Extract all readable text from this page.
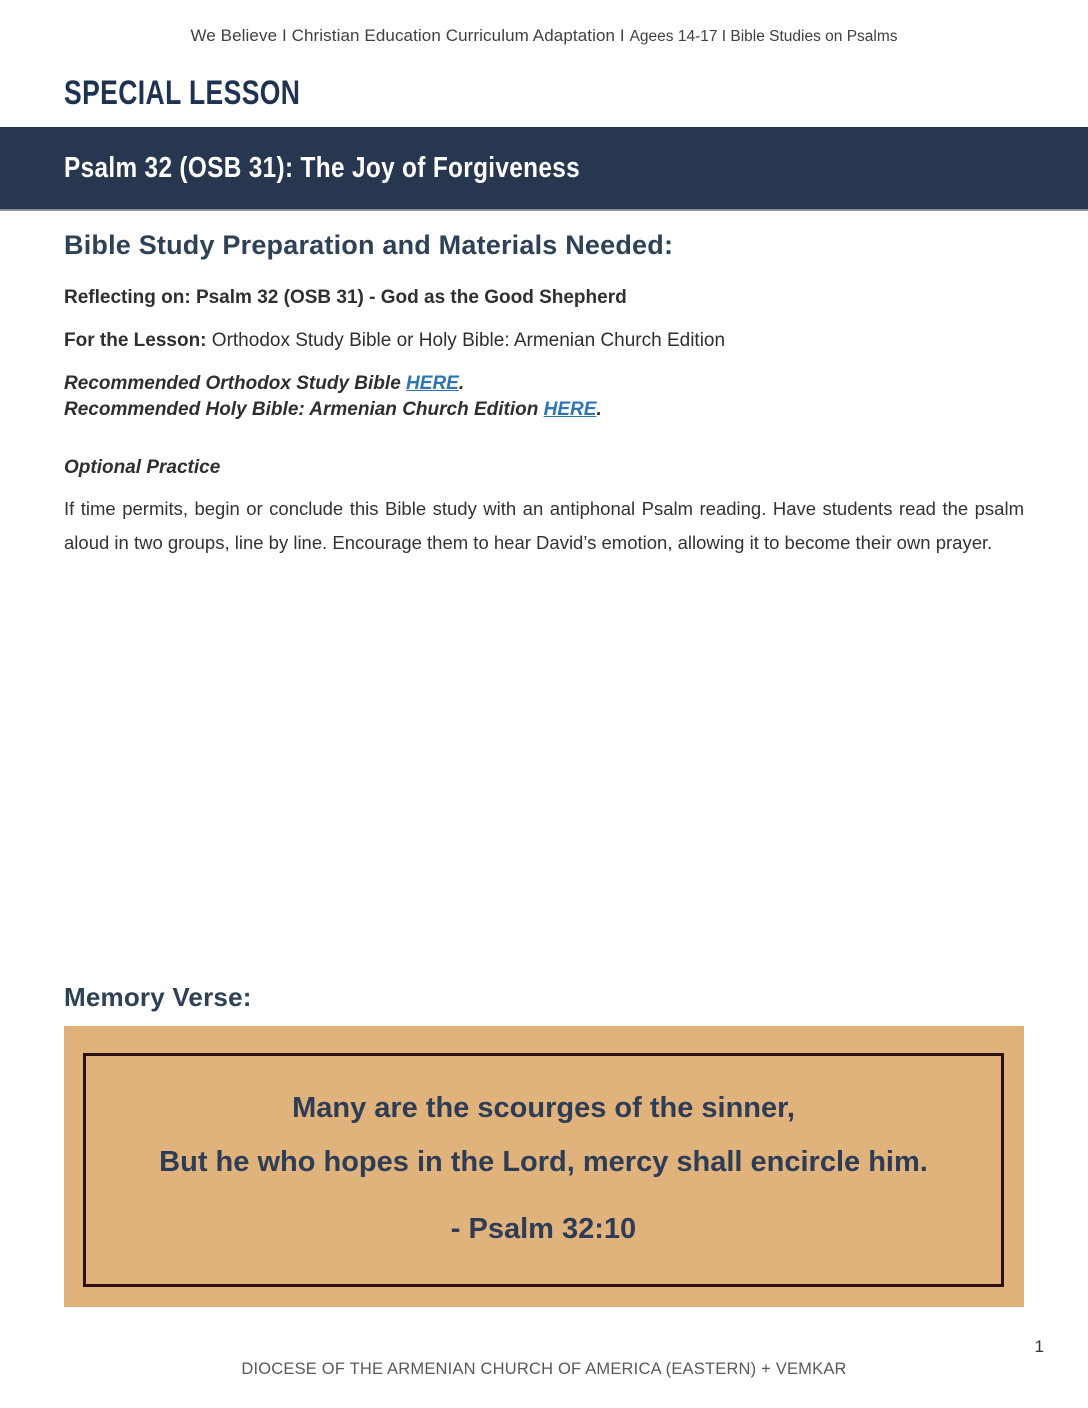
We Believe I Christian Education Curriculum Adaptation I Agees 14-17 I Bible Studies on Psalms
SPECIAL LESSON
Psalm 32 (OSB 31): The Joy of Forgiveness
Bible Study Preparation and Materials Needed:
Reflecting on: Psalm 32 (OSB 31) - God as the Good Shepherd
For the Lesson: Orthodox Study Bible or Holy Bible: Armenian Church Edition
Recommended Orthodox Study Bible HERE.
Recommended Holy Bible: Armenian Church Edition HERE.
Optional Practice
If time permits, begin or conclude this Bible study with an antiphonal Psalm reading. Have students read the psalm aloud in two groups, line by line. Encourage them to hear David’s emotion, allowing it to become their own prayer.
Memory Verse:
Many are the scourges of the sinner,
But he who hopes in the Lord, mercy shall encircle him.
- Psalm 32:10
1
DIOCESE OF THE ARMENIAN CHURCH OF AMERICA (EASTERN) + VEMKAR
